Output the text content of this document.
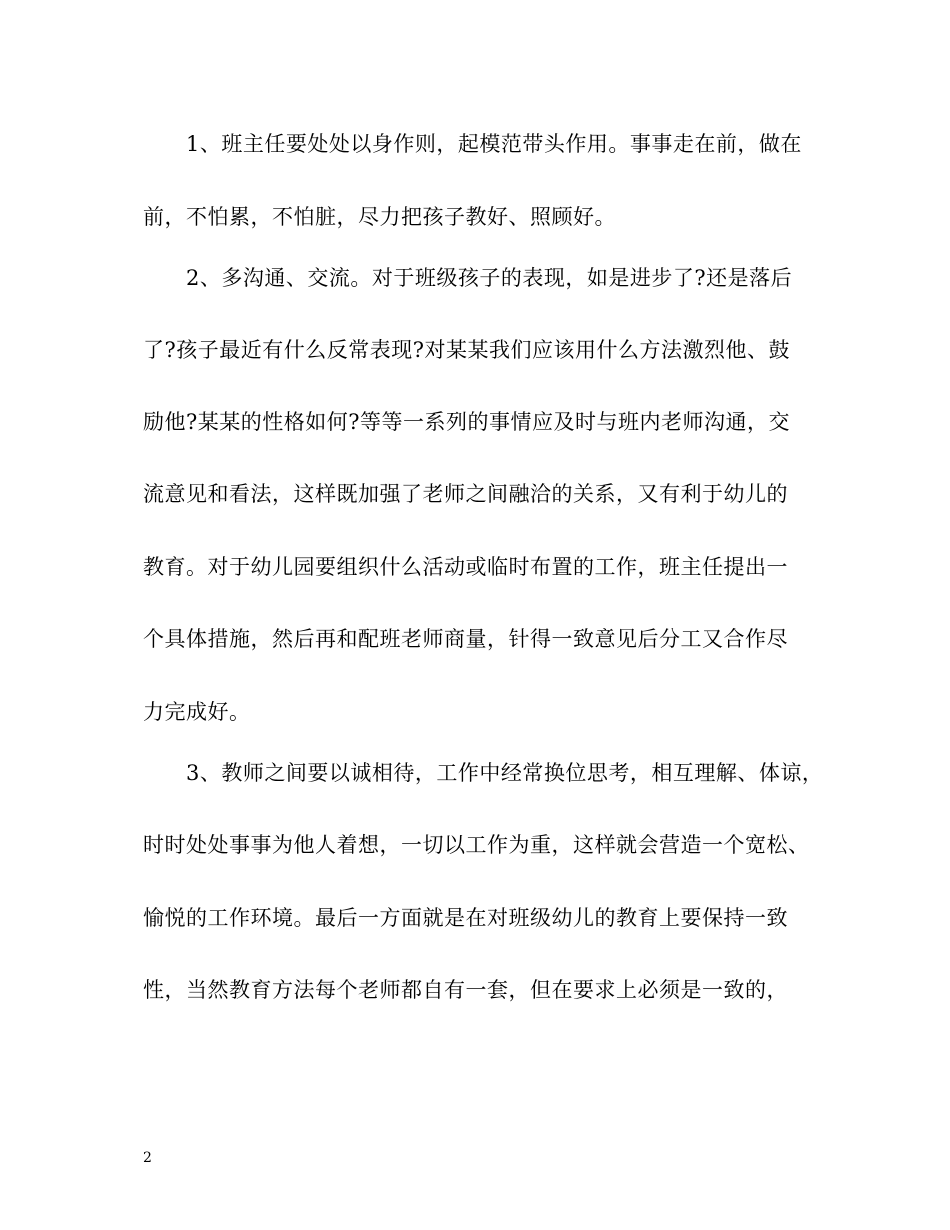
1、班主任要处处以身作则，起模范带头作用。事事走在前，做在
前，不怕累，不怕脏，尽力把孩子教好、照顾好。
2、多沟通、交流。对于班级孩子的表现，如是进步了?还是落后
了?孩子最近有什么反常表现?对某某我们应该用什么方法激烈他、鼓
励他?某某的性格如何?等等一系列的事情应及时与班内老师沟通，交
流意见和看法，这样既加强了老师之间融洽的关系，又有利于幼儿的
教育。对于幼儿园要组织什么活动或临时布置的工作，班主任提出一
个具体措施，然后再和配班老师商量，针得一致意见后分工又合作尽
力完成好。
3、教师之间要以诚相待，工作中经常换位思考，相互理解、体谅，
时时处处事事为他人着想，一切以工作为重，这样就会营造一个宽松、
愉悦的工作环境。最后一方面就是在对班级幼儿的教育上要保持一致
性，当然教育方法每个老师都自有一套，但在要求上必须是一致的，
2
